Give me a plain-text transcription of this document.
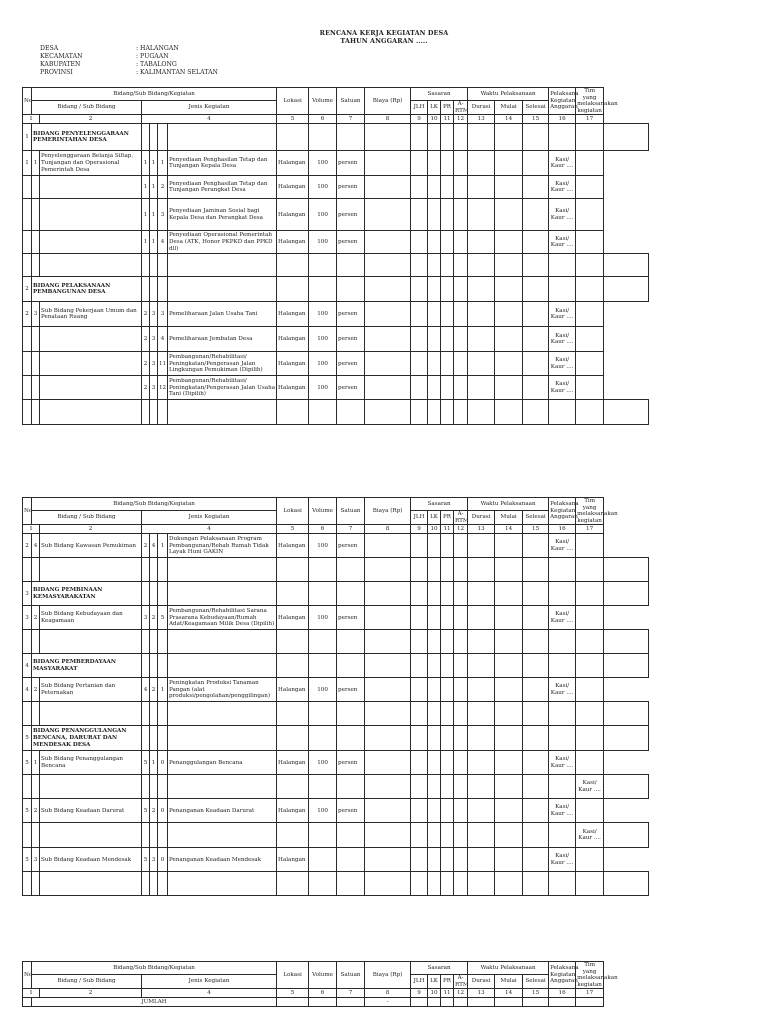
RENCANA KERJA KEGIATAN DESA
TAHUN ANGGARAN .....
DESA	: HALANGAN
KECAMATAN	: PUGAAN
KABUPATEN	: TABALONG
PROVINSI	: KALIMANTAN SELATAN
No	Bidang/Sub Bidang/Kegiatan						Lokasi	Volume	Satuan	Biaya (Rp)	Sasaran				Waktu Pelaksanaan			Pelaksana Kegiatan Anggaran	Tim yang melaksanakan kegiatan	
	Bidang / Sub Bidang		Jenis Kegiatan								JLH	LK	PR	A-RTM	Durasi	Mulai	Selesai			
1		2	4				5	6	7	8	9	10	11	12	13	14	15	16	17	
1	BIDANG PENYELENGGARAAN PEMERINTAHAN DESA																			
1	1	Penyelenggaraan Belanja Siltap, Tunjangan dan Operasional Pemerintah Desa	1	1	1	Penyediaan Penghasilan Tetap dan Tunjangan Kepala Desa	Halangan	100	persen									Kasi/ Kaur ....		
			1	1	2	Penyediaan Penghasilan Tetap dan Tunjangan Perangkat Desa	Halangan	100	persen									Kasi/ Kaur ....		
			1	1	3	Penyediaan Jaminan Sosial bagi Kepala Desa dan Perangkat Desa	Halangan	100	persen									Kasi/ Kaur ....		
			1	1	4	Penyediaan Operasional Pemerintah Desa (ATK, Honor PKPKD dan PPKD dll)	Halangan	100	persen									Kasi/ Kaur ....		

2	BIDANG PELAKSANAAN PEMBANGUNAN DESA																			
2	3	Sub Bidang Pekerjaan Umum dan Penataan Ruang	2	3	3	Pemeliharaan Jalan Usaha Tani	Halangan	100	persen									Kasi/ Kaur ....		
			2	3	4	Pemeliharaan Jembatan Desa	Halangan	100	persen									Kasi/ Kaur ....		
			2	3	11	Pembangunan/Rehabilitasi/ Peningkatan/Pengerasan Jalan Lingkungan Pemukiman (Dipilih)	Halangan	100	persen									Kasi/ Kaur ....		
			2	3	12	Pembangunan/Rehabilitasi/ Peningkatan/Pengerasan Jalan Usaha Tani (Dipilih)	Halangan	100	persen									Kasi/ Kaur ....		

No	Bidang/Sub Bidang/Kegiatan						Lokasi	Volume	Satuan	Biaya (Rp)	Sasaran				Waktu Pelaksanaan			Pelaksana Kegiatan Anggaran	Tim yang melaksanakan kegiatan	
	Bidang / Sub Bidang		Jenis Kegiatan								JLH	LK	PR	A-RTM	Durasi	Mulai	Selesai			
1		2	4				5	6	7	8	9	10	11	12	13	14	15	16	17	
2	4	Sub Bidang Kawasan Pemukiman	2	4	1	Dukungan Pelaksanaan Program Pembangunan/Rehab Rumah Tidak Layak Huni GAKIN	Halangan	100	persen									Kasi/ Kaur ....		

3	BIDANG PEMBINAAN KEMASYARAKATAN																			
3	2	Sub Bidang Kebudayaan dan Keagamaan	3	2	5	Pembangunan/Rehabilitasi Sarana Prasarana Kebudayaan/Rumah Adat/Keagamaan Milik Desa (Dipilih)	Halangan	100	persen									Kasi/ Kaur ....		

4	BIDANG PEMBERDAYAAN MASYARAKAT																			
4	2	Sub Bidang Pertanian dan Peternakan	4	2	1	Peningkatan Produksi Tanaman Pangan (alat produksi/pengolahan/penggilingan)	Halangan	100	persen									Kasi/ Kaur ....		

5	BIDANG PENANGGULANGAN BENCANA, DARURAT DAN MENDESAK DESA																			
5	1	Sub Bidang Penanggulangan Bencana	5	1	0	Penanggulangan Bencana	Halangan	100	persen									Kasi/ Kaur ....		
																			Kasi/ Kaur ....	
5	2	Sub Bidang Keadaan Darurat	5	2	0	Penanganan Keadaan Darurat	Halangan	100	persen									Kasi/ Kaur ....		
																			Kasi/ Kaur ....	
5	3	Sub Bidang Keadaan Mendesak	5	3	0	Penanganan Keadaan Mendesak	Halangan											Kasi/ Kaur ....		

No	Bidang/Sub Bidang/Kegiatan			Lokasi	Volume	Satuan	Biaya (Rp)	Sasaran				Waktu Pelaksanaan			Pelaksana Kegiatan Anggaran	Tim yang melaksanakan kegiatan
	Bidang / Sub Bidang		Jenis Kegiatan					JLH	LK	PR	A-RTM	Durasi	Mulai	Selesai		
1		2	4	5	6	7	8	9	10	11	12	13	14	15	16	17
	JUMLAH						-									
